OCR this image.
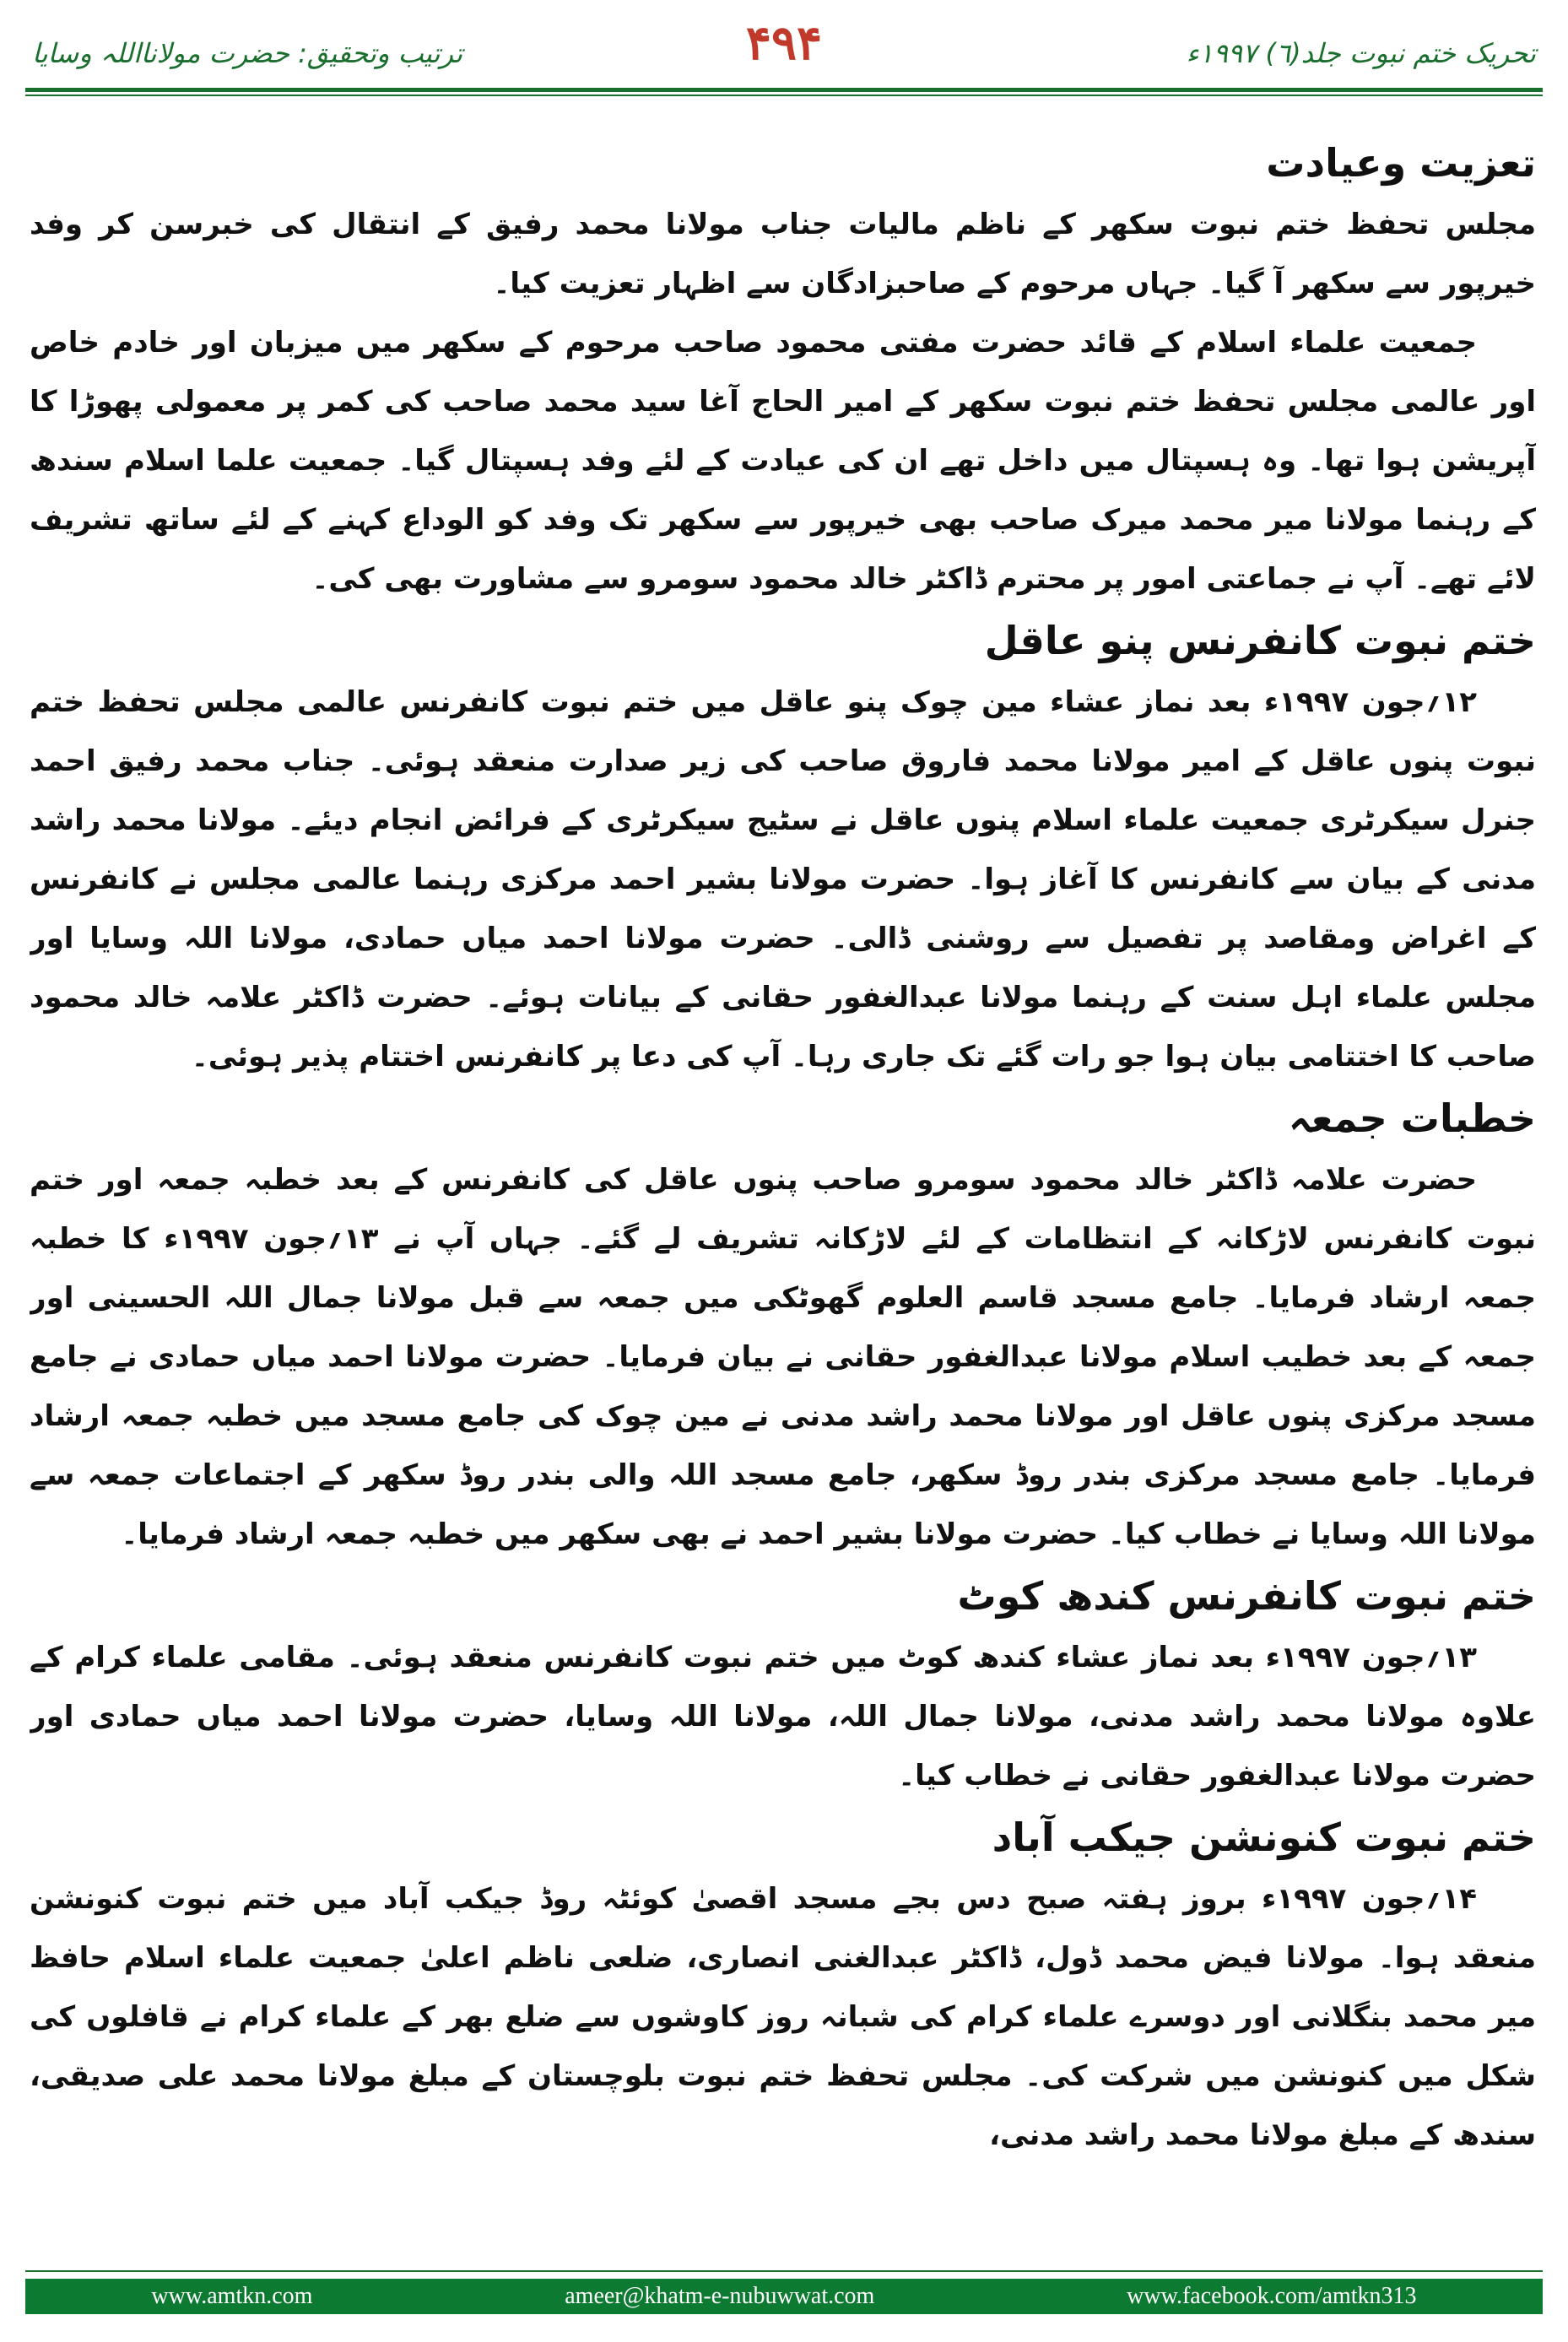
تحریک ختم نبوت جلد(٦) ۱۹۹۷ء
۴۹۴
ترتیب وتحقیق: حضرت مولانااللہ وسایا
تعزیت وعیادت

مجلس تحفظ ختم نبوت سکھر کے ناظم مالیات جناب مولانا محمد رفیق کے انتقال کی خبرسن کر وفد خیرپور سے سکھر آ گیا۔ جہاں مرحوم کے صاحبزادگان سے اظہار تعزیت کیا۔

جمعیت علماء اسلام کے قائد حضرت مفتی محمود صاحب مرحوم کے سکھر میں میزبان اور خادم خاص اور عالمی مجلس تحفظ ختم نبوت سکھر کے امیر الحاج آغا سید محمد صاحب کی کمر پر معمولی پھوڑا کا آپریشن ہوا تھا۔ وہ ہسپتال میں داخل تھے ان کی عیادت کے لئے وفد ہسپتال گیا۔ جمعیت علما اسلام سندھ کے رہنما مولانا میر محمد میرک صاحب بھی خیرپور سے سکھر تک وفد کو الوداع کہنے کے لئے ساتھ تشریف لائے تھے۔ آپ نے جماعتی امور پر محترم ڈاکٹر خالد محمود سومرو سے مشاورت بھی کی۔

ختم نبوت کانفرنس پنو عاقل

۱۲؍جون ۱۹۹۷ء بعد نماز عشاء مین چوک پنو عاقل میں ختم نبوت کانفرنس عالمی مجلس تحفظ ختم نبوت پنوں عاقل کے امیر مولانا محمد فاروق صاحب کی زیر صدارت منعقد ہوئی۔ جناب محمد رفیق احمد جنرل سیکرٹری جمعیت علماء اسلام پنوں عاقل نے سٹیج سیکرٹری کے فرائض انجام دیئے۔ مولانا محمد راشد مدنی کے بیان سے کانفرنس کا آغاز ہوا۔ حضرت مولانا بشیر احمد مرکزی رہنما عالمی مجلس نے کانفرنس کے اغراض ومقاصد پر تفصیل سے روشنی ڈالی۔ حضرت مولانا احمد میاں حمادی، مولانا اللہ وسایا اور مجلس علماء اہل سنت کے رہنما مولانا عبدالغفور حقانی کے بیانات ہوئے۔ حضرت ڈاکٹر علامہ خالد محمود صاحب کا اختتامی بیان ہوا جو رات گئے تک جاری رہا۔ آپ کی دعا پر کانفرنس اختتام پذیر ہوئی۔

خطبات جمعہ

حضرت علامہ ڈاکٹر خالد محمود سومرو صاحب پنوں عاقل کی کانفرنس کے بعد خطبہ جمعہ اور ختم نبوت کانفرنس لاڑکانہ کے انتظامات کے لئے لاڑکانہ تشریف لے گئے۔ جہاں آپ نے ۱۳؍جون ۱۹۹۷ء کا خطبہ جمعہ ارشاد فرمایا۔ جامع مسجد قاسم العلوم گھوٹکی میں جمعہ سے قبل مولانا جمال اللہ الحسینی اور جمعہ کے بعد خطیب اسلام مولانا عبدالغفور حقانی نے بیان فرمایا۔ حضرت مولانا احمد میاں حمادی نے جامع مسجد مرکزی پنوں عاقل اور مولانا محمد راشد مدنی نے مین چوک کی جامع مسجد میں خطبہ جمعہ ارشاد فرمایا۔ جامع مسجد مرکزی بندر روڈ سکھر، جامع مسجد اللہ والی بندر روڈ سکھر کے اجتماعات جمعہ سے مولانا اللہ وسایا نے خطاب کیا۔ حضرت مولانا بشیر احمد نے بھی سکھر میں خطبہ جمعہ ارشاد فرمایا۔

ختم نبوت کانفرنس کندھ کوٹ

۱۳؍جون ۱۹۹۷ء بعد نماز عشاء کندھ کوٹ میں ختم نبوت کانفرنس منعقد ہوئی۔ مقامی علماء کرام کے علاوہ مولانا محمد راشد مدنی، مولانا جمال اللہ، مولانا اللہ وسایا، حضرت مولانا احمد میاں حمادی اور حضرت مولانا عبدالغفور حقانی نے خطاب کیا۔

ختم نبوت کنونشن جیکب آباد

۱۴؍جون ۱۹۹۷ء بروز ہفتہ صبح دس بجے مسجد اقصیٰ کوئٹہ روڈ جیکب آباد میں ختم نبوت کنونشن منعقد ہوا۔ مولانا فیض محمد ڈول، ڈاکٹر عبدالغنی انصاری، ضلعی ناظم اعلیٰ جمعیت علماء اسلام حافظ میر محمد بنگلانی اور دوسرے علماء کرام کی شبانہ روز کاوشوں سے ضلع بھر کے علماء کرام نے قافلوں کی شکل میں کنونشن میں شرکت کی۔ مجلس تحفظ ختم نبوت بلوچستان کے مبلغ مولانا محمد علی صدیقی، سندھ کے مبلغ مولانا محمد راشد مدنی،

www.amtkn.com	ameer@khatm-e-nubuwwat.com	www.facebook.com/amtkn313
